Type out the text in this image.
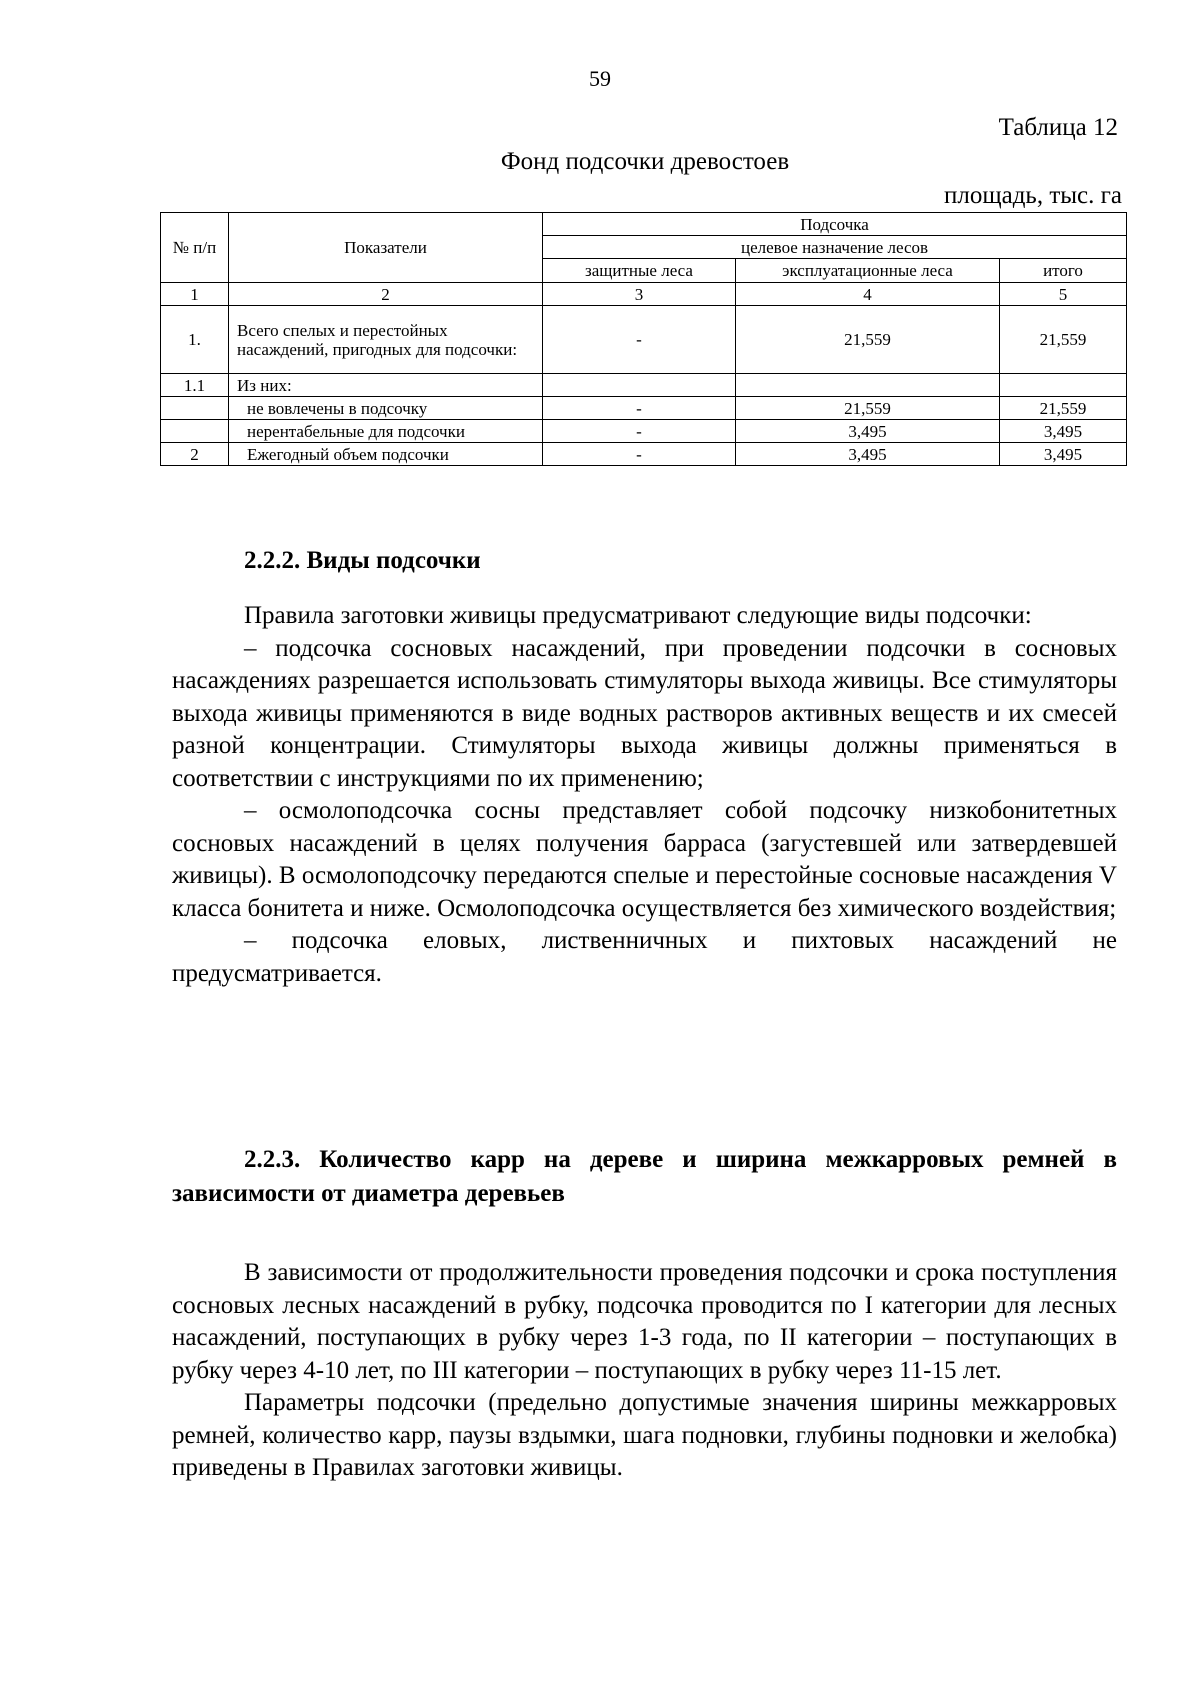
59
Таблица 12
Фонд подсочки древостоев
площадь, тыс. га
№ п/п	Показатели	Подсочка		
		целевое назначение лесов		
		защитные леса	эксплуатационные леса	итого
1	2	3	4	5
1.	Всего спелых и перестойных насаждений, пригодных для подсочки:	-	21,559	21,559
1.1	Из них:			
	не вовлечены в подсочку	-	21,559	21,559
	нерентабельные для подсочки	-	3,495	3,495
2	Ежегодный объем подсочки	-	3,495	3,495
2.2.2. Виды подсочки

Правила заготовки живицы предусматривают следующие виды подсочки:

– подсочка сосновых насаждений, при проведении подсочки в сосновых насаждениях разрешается использовать стимуляторы выхода живицы. Все стимуляторы выхода живицы применяются в виде водных растворов активных веществ и их смесей разной концентрации. Стимуляторы выхода живицы должны применяться в соответствии с инструкциями по их применению;

– осмолоподсочка сосны представляет собой подсочку низкобонитетных сосновых насаждений в целях получения барраса (загустевшей или затвердевшей живицы). В осмолоподсочку передаются спелые и перестойные сосновые насаждения V класса бонитета и ниже. Осмолоподсочка осуществляется без химического воздействия;

– подсочка еловых, лиственничных и пихтовых насаждений не предусматривается.

2.2.3. Количество карр на дереве и ширина межкарровых ремней в зависимости от диаметра деревьев

В зависимости от продолжительности проведения подсочки и срока поступления сосновых лесных насаждений в рубку, подсочка проводится по I категории для лесных насаждений, поступающих в рубку через 1-3 года, по II категории – поступающих в рубку через 4-10 лет, по III категории – поступающих в рубку через 11-15 лет.

Параметры подсочки (предельно допустимые значения ширины межкарровых ремней, количество карр, паузы вздымки, шага подновки, глубины подновки и желобка) приведены в Правилах заготовки живицы.
